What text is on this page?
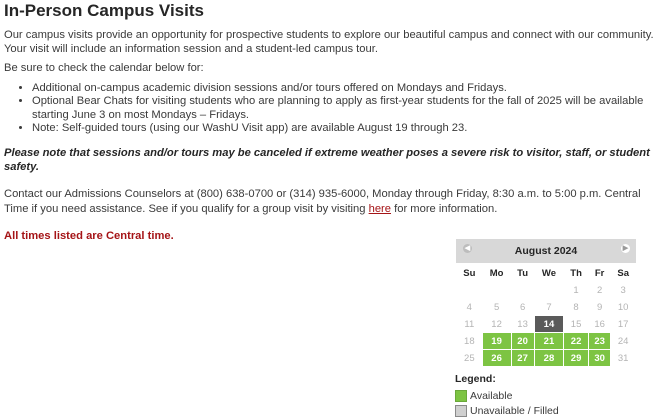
In-Person Campus Visits

Our campus visits provide an opportunity for prospective students to explore our beautiful campus and connect with our community. Your visit will include an information session and a student-led campus tour.

Be sure to check the calendar below for:

• Additional on-campus academic division sessions and/or tours offered on Mondays and Fridays.
• Optional Bear Chats for visiting students who are planning to apply as first-year students for the fall of 2025 will be available starting June 3 on most Mondays – Fridays.
• Note: Self-guided tours (using our WashU Visit app) are available August 19 through 23.

Please note that sessions and/or tours may be canceled if extreme weather poses a severe risk to visitor, staff, or student safety.

Contact our Admissions Counselors at (800) 638-0700 or (314) 935-6000, Monday through Friday, 8:30 a.m. to 5:00 p.m. Central Time if you need assistance. See if you qualify for a group visit by visiting here for more information.

All times listed are Central time.

◀	August 2024	▶
Su	Mo	Tu	We	Th	Fr	Sa
				1	2	3
4	5	6	7	8	9	10
11	12	13	14	15	16	17
18	19	20	21	22	23	24
25	26	27	28	29	30	31
Legend:
Available
Unavailable / Filled
